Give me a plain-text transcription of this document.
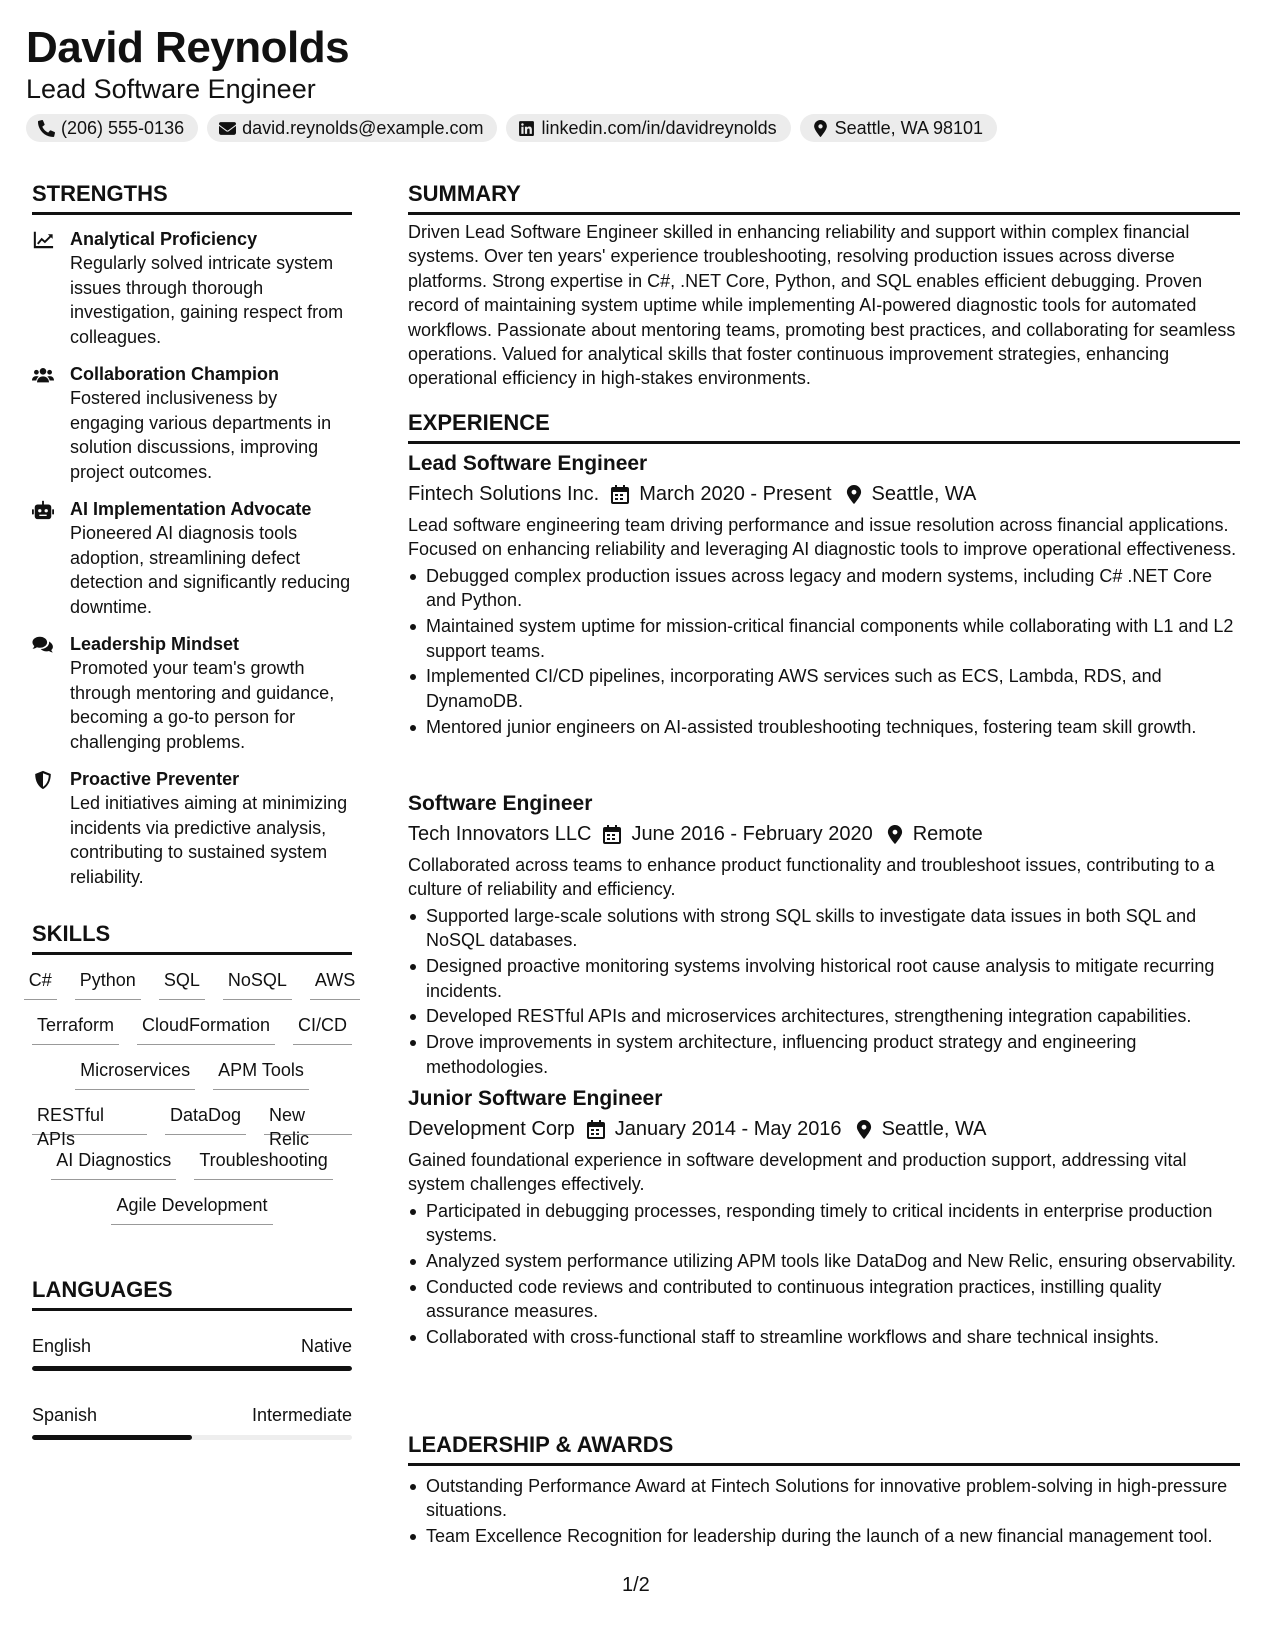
David Reynolds
Lead Software Engineer
(206) 555-0136	david.reynolds@example.com	linkedin.com/in/davidreynolds	Seattle, WA 98101
STRENGTHS
Analytical Proficiency
Regularly solved intricate system issues through thorough investigation, gaining respect from colleagues.
Collaboration Champion
Fostered inclusiveness by engaging various departments in solution discussions, improving project outcomes.
AI Implementation Advocate
Pioneered AI diagnosis tools adoption, streamlining defect detection and significantly reducing downtime.
Leadership Mindset
Promoted your team's growth through mentoring and guidance, becoming a go-to person for challenging problems.
Proactive Preventer
Led initiatives aiming at minimizing incidents via predictive analysis, contributing to sustained system reliability.
SKILLS
C# Python SQL NoSQL AWS
Terraform CloudFormation CI/CD
Microservices APM Tools
RESTful APIs
DataDog New Relic
AI Diagnostics Troubleshooting
Agile Development
LANGUAGES
English	Native
Spanish	Intermediate
SUMMARY
Driven Lead Software Engineer skilled in enhancing reliability and support within complex financial systems. Over ten years' experience troubleshooting, resolving production issues across diverse platforms. Strong expertise in C#, .NET Core, Python, and SQL enables efficient debugging. Proven record of maintaining system uptime while implementing AI-powered diagnostic tools for automated workflows. Passionate about mentoring teams, promoting best practices, and collaborating for seamless operations. Valued for analytical skills that foster continuous improvement strategies, enhancing operational efficiency in high-stakes environments.
EXPERIENCE
Lead Software Engineer
Fintech Solutions Inc. March 2020 - Present Seattle, WA
Lead software engineering team driving performance and issue resolution across financial applications. Focused on enhancing reliability and leveraging AI diagnostic tools to improve operational effectiveness.
Debugged complex production issues across legacy and modern systems, including C# .NET Core and Python.
Maintained system uptime for mission-critical financial components while collaborating with L1 and L2 support teams.
Implemented CI/CD pipelines, incorporating AWS services such as ECS, Lambda, RDS, and DynamoDB.
Mentored junior engineers on AI-assisted troubleshooting techniques, fostering team skill growth.
Software Engineer
Tech Innovators LLC June 2016 - February 2020 Remote
Collaborated across teams to enhance product functionality and troubleshoot issues, contributing to a culture of reliability and efficiency.
Supported large-scale solutions with strong SQL skills to investigate data issues in both SQL and NoSQL databases.
Designed proactive monitoring systems involving historical root cause analysis to mitigate recurring incidents.
Developed RESTful APIs and microservices architectures, strengthening integration capabilities.
Drove improvements in system architecture, influencing product strategy and engineering methodologies.
Junior Software Engineer
Development Corp January 2014 - May 2016 Seattle, WA
Gained foundational experience in software development and production support, addressing vital system challenges effectively.
Participated in debugging processes, responding timely to critical incidents in enterprise production systems.
Analyzed system performance utilizing APM tools like DataDog and New Relic, ensuring observability.
Conducted code reviews and contributed to continuous integration practices, instilling quality assurance measures.
Collaborated with cross-functional staff to streamline workflows and share technical insights.
LEADERSHIP & AWARDS
Outstanding Performance Award at Fintech Solutions for innovative problem-solving in high-pressure situations.
Team Excellence Recognition for leadership during the launch of a new financial management tool.
1/2
